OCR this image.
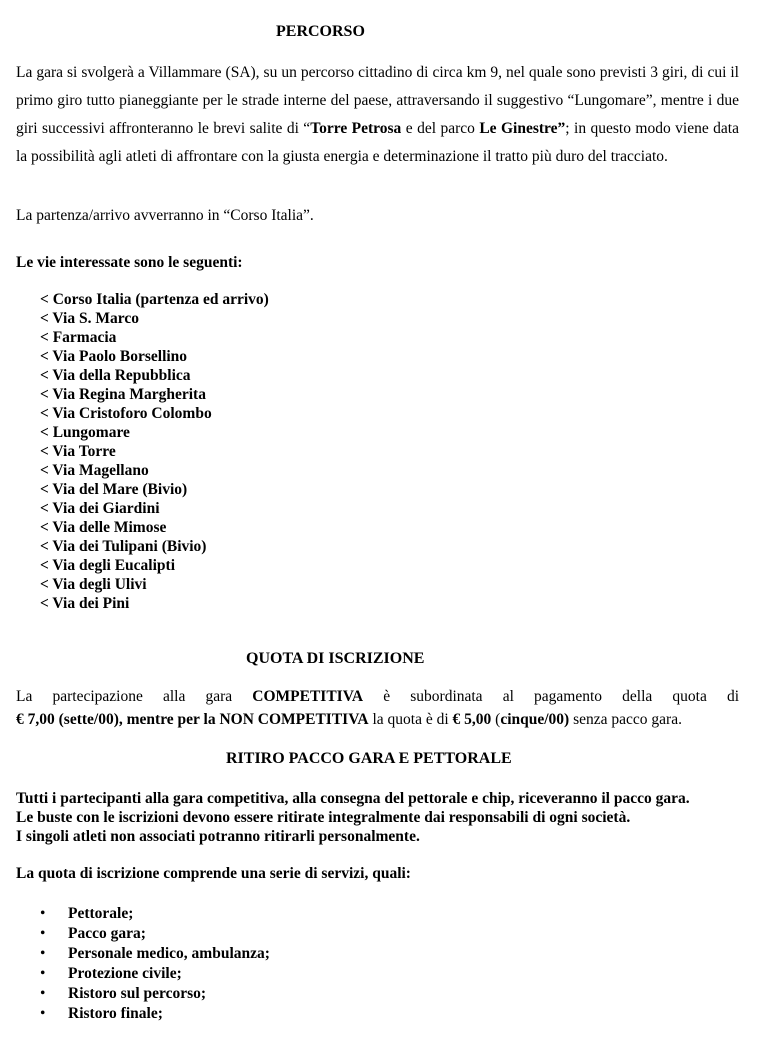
PERCORSO

La gara si svolgerà a Villammare (SA), su un percorso cittadino di circa km 9, nel quale sono previsti 3 giri, di cui il primo giro tutto pianeggiante per le strade interne del paese, attraversando il suggestivo “Lungomare”, mentre i due giri successivi affronteranno le brevi salite di “Torre Petrosa e del parco Le Ginestre”; in questo modo viene data la possibilità agli atleti di affrontare con la giusta energia e determinazione il tratto più duro del tracciato.

La partenza/arrivo avverranno in “Corso Italia”.
Le vie interessate sono le seguenti:
< Corso Italia (partenza ed arrivo)
< Via S. Marco
< Farmacia
< Via Paolo Borsellino
< Via della Repubblica
< Via Regina Margherita
< Via Cristoforo Colombo
< Lungomare
< Via Torre
< Via Magellano
< Via del Mare (Bivio)
< Via dei Giardini
< Via delle Mimose
< Via dei Tulipani (Bivio)
< Via degli Eucalipti
< Via degli Ulivi
< Via dei Pini
QUOTA DI ISCRIZIONE
La partecipazione alla gara COMPETITIVA è subordinata al pagamento della quota di
€ 7,00 (sette/00), mentre per la NON COMPETITIVA la quota è di € 5,00 (cinque/00) senza pacco gara.
RITIRO PACCO GARA E PETTORALE
Tutti i partecipanti alla gara competitiva, alla consegna del pettorale e chip, riceveranno il pacco gara.
Le buste con le iscrizioni devono essere ritirate integralmente dai responsabili di ogni società.
I singoli atleti non associati potranno ritirarli personalmente.
La quota di iscrizione comprende una serie di servizi, quali:
• Pettorale;
• Pacco gara;
• Personale medico, ambulanza;
• Protezione civile;
• Ristoro sul percorso;
• Ristoro finale;
